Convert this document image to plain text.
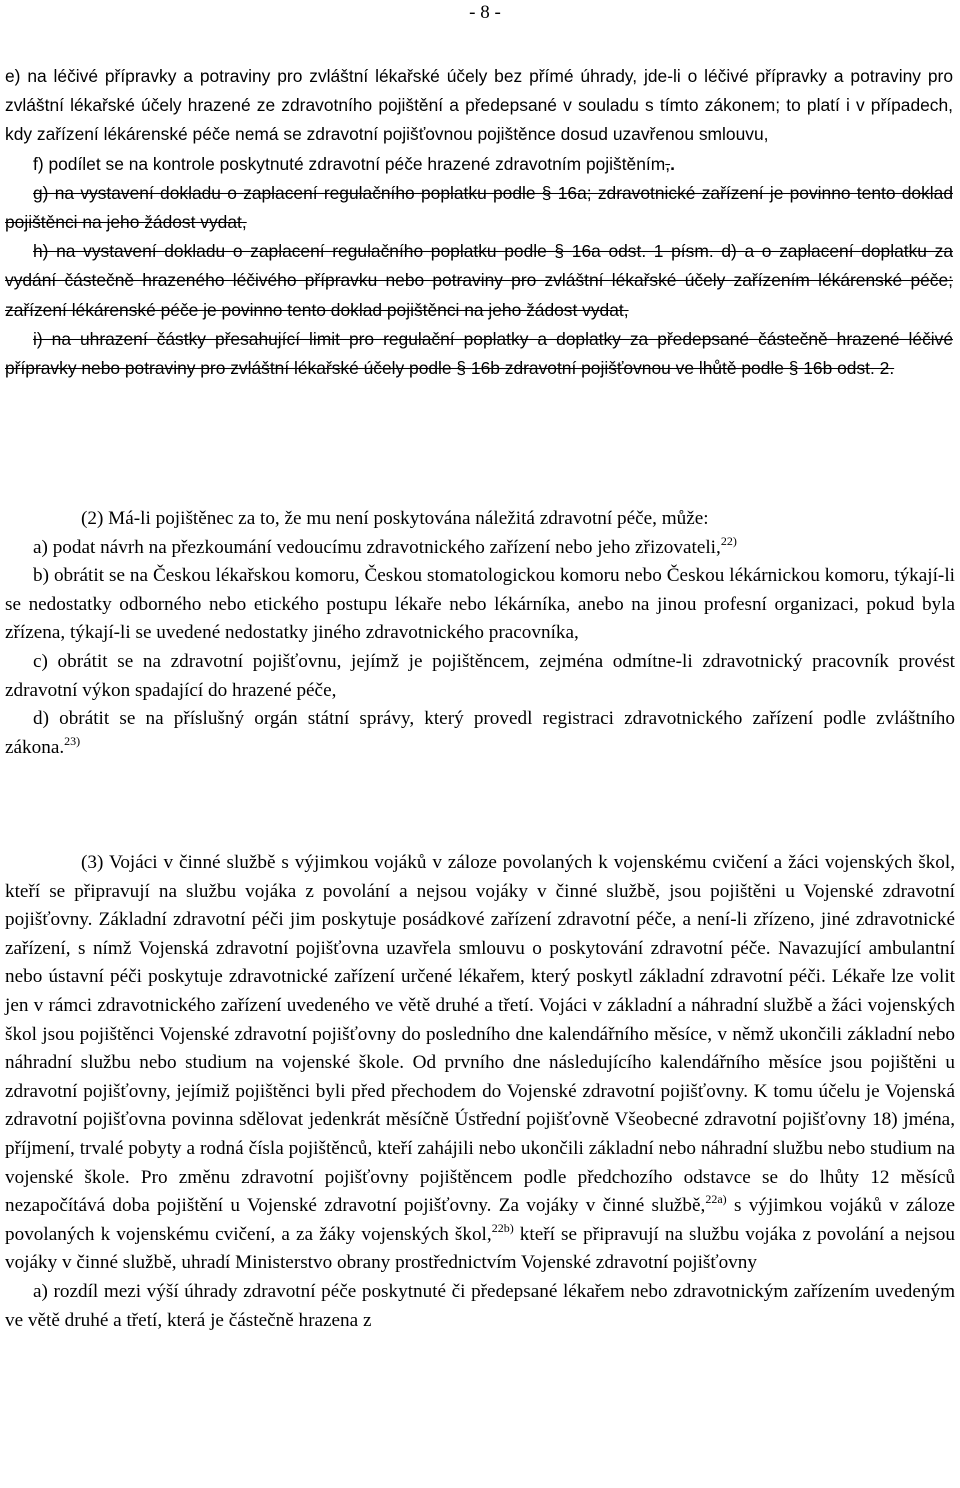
- 8 -

e) na léčivé přípravky a potraviny pro zvláštní lékařské účely bez přímé úhrady, jde-li o léčivé přípravky a potraviny pro zvláštní lékařské účely hrazené ze zdravotního pojištění a předepsané v souladu s tímto zákonem; to platí i v případech, kdy zařízení lékárenské péče nemá se zdravotní pojišťovnou pojištěnce dosud uzavřenou smlouvu,

f) podílet se na kontrole poskytnuté zdravotní péče hrazené zdravotním pojištěním,.

g) na vystavení dokladu o zaplacení regulačního poplatku podle § 16a; zdravotnické zařízení je povinno tento doklad pojištěnci na jeho žádost vydat,

h) na vystavení dokladu o zaplacení regulačního poplatku podle § 16a odst. 1 písm. d) a o zaplacení doplatku za vydání částečně hrazeného léčivého přípravku nebo potraviny pro zvláštní lékařské účely zařízením lékárenské péče; zařízení lékárenské péče je povinno tento doklad pojištěnci na jeho žádost vydat,

i) na uhrazení částky přesahující limit pro regulační poplatky a doplatky za předepsané částečně hrazené léčivé přípravky nebo potraviny pro zvláštní lékařské účely podle § 16b zdravotní pojišťovnou ve lhůtě podle § 16b odst. 2.

(2) Má-li pojištěnec za to, že mu není poskytována náležitá zdravotní péče, může:

a) podat návrh na přezkoumání vedoucímu zdravotnického zařízení nebo jeho zřizovateli,$^{22)}$

b) obrátit se na Českou lékařskou komoru, Českou stomatologickou komoru nebo Českou lékárnickou komoru, týkají-li se nedostatky odborného nebo etického postupu lékaře nebo lékárníka, anebo na jinou profesní organizaci, pokud byla zřízena, týkají-li se uvedené nedostatky jiného zdravotnického pracovníka,

c) obrátit se na zdravotní pojišťovnu, jejímž je pojištěncem, zejména odmítne-li zdravotnický pracovník provést zdravotní výkon spadající do hrazené péče,

d) obrátit se na příslušný orgán státní správy, který provedl registraci zdravotnického zařízení podle zvláštního zákona.$^{23)}$

(3) Vojáci v činné službě s výjimkou vojáků v záloze povolaných k vojenskému cvičení a žáci vojenských škol, kteří se připravují na službu vojáka z povolání a nejsou vojáky v činné službě, jsou pojištěni u Vojenské zdravotní pojišťovny. Základní zdravotní péči jim poskytuje posádkové zařízení zdravotní péče, a není-li zřízeno, jiné zdravotnické zařízení, s nímž Vojenská zdravotní pojišťovna uzavřela smlouvu o poskytování zdravotní péče. Navazující ambulantní nebo ústavní péči poskytuje zdravotnické zařízení určené lékařem, který poskytl základní zdravotní péči. Lékaře lze volit jen v rámci zdravotnického zařízení uvedeného ve větě druhé a třetí. Vojáci v základní a náhradní službě a žáci vojenských škol jsou pojištěnci Vojenské zdravotní pojišťovny do posledního dne kalendářního měsíce, v němž ukončili základní nebo náhradní službu nebo studium na vojenské škole. Od prvního dne následujícího kalendářního měsíce jsou pojištěni u zdravotní pojišťovny, jejímiž pojištěnci byli před přechodem do Vojenské zdravotní pojišťovny. K tomu účelu je Vojenská zdravotní pojišťovna povinna sdělovat jedenkrát měsíčně Ústřední pojišťovně Všeobecné zdravotní pojišťovny 18) jména, příjmení, trvalé pobyty a rodná čísla pojištěnců, kteří zahájili nebo ukončili základní nebo náhradní službu nebo studium na vojenské škole. Pro změnu zdravotní pojišťovny pojištěncem podle předchozího odstavce se do lhůty 12 měsíců nezapočítává doba pojištění u Vojenské zdravotní pojišťovny. Za vojáky v činné službě,$^{22a)}$ s výjimkou vojáků v záloze povolaných k vojenskému cvičení, a za žáky vojenských škol,$^{22b)}$ kteří se připravují na službu vojáka z povolání a nejsou vojáky v činné službě, uhradí Ministerstvo obrany prostřednictvím Vojenské zdravotní pojišťovny

a) rozdíl mezi výší úhrady zdravotní péče poskytnuté či předepsané lékařem nebo zdravotnickým zařízením uvedeným ve větě druhé a třetí, která je částečně hrazena z
